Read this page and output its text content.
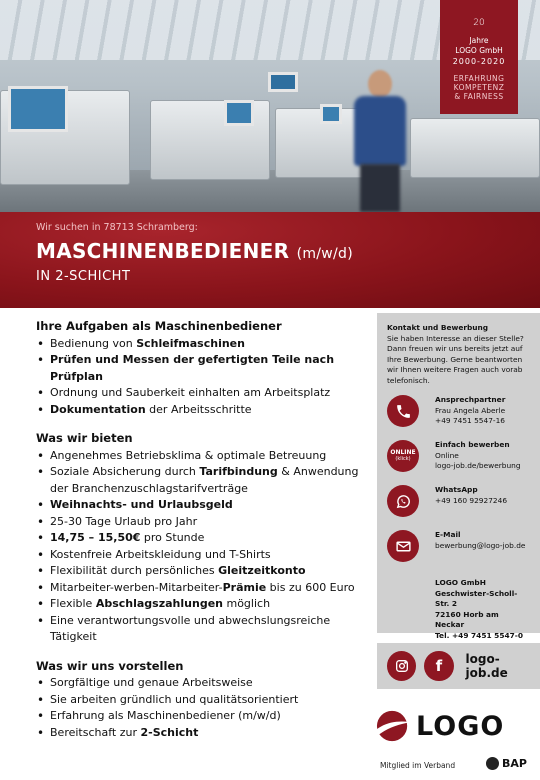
20
Jahre
LOGO GmbH
2000-2020
ERFAHRUNG
KOMPETENZ
& FAIRNESS
Wir suchen in 78713 Schramberg:
MASCHINENBEDIENER (m/w/d)
IN 2-SCHICHT
Ihre Aufgaben als Maschinenbediener
• Bedienung von Schleifmaschinen
• Prüfen und Messen der gefertigten Teile nach Prüfplan
• Ordnung und Sauberkeit einhalten am Arbeitsplatz
• Dokumentation der Arbeitsschritte
Was wir bieten
• Angenehmes Betriebsklima & optimale Betreuung
• Soziale Absicherung durch Tarifbindung & Anwendung der Branchenzuschlagstarifverträge
• Weihnachts- und Urlaubsgeld
• 25-30 Tage Urlaub pro Jahr
• 14,75 – 15,50€ pro Stunde
• Kostenfreie Arbeitskleidung und T-Shirts
• Flexibilität durch persönliches Gleitzeitkonto
• Mitarbeiter-werben-Mitarbeiter-Prämie bis zu 600 Euro
• Flexible Abschlagszahlungen möglich
• Eine verantwortungsvolle und abwechslungsreiche Tätigkeit
Was wir uns vorstellen
• Sorgfältige und genaue Arbeitsweise
• Sie arbeiten gründlich und qualitätsorientiert
• Erfahrung als Maschinenbediener (m/w/d)
• Bereitschaft zur 2-Schicht
Kontakt und Bewerbung
Sie haben Interesse an dieser Stelle? Dann freuen wir uns bereits jetzt auf Ihre Bewerbung. Gerne beantworten wir Ihnen weitere Fragen auch vorab telefonisch.
Ansprechpartner
Frau Angela Aberle
+49 7451 5547-16
ONLINE
(klick)
Einfach bewerben
Online
logo-job.de/bewerbung
WhatsApp
+49 160 92927246
E-Mail
bewerbung@logo-job.de
LOGO GmbH
Geschwister-Scholl-Str. 2
72160 Horb am Neckar
Tel. +49 7451 5547-0
f	logo-job.de
LOGO
Mitglied im Verband	BAP
